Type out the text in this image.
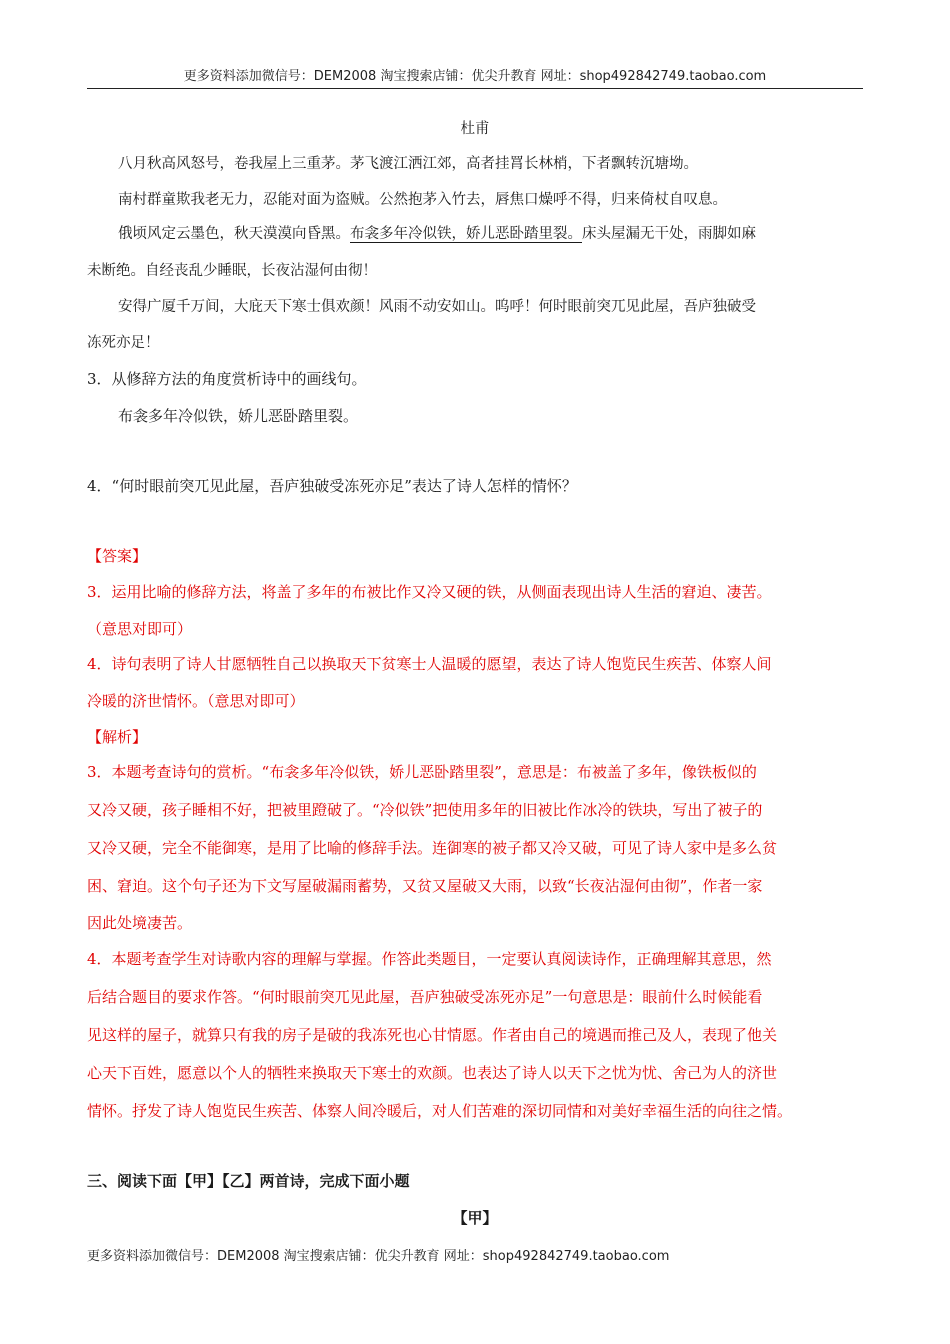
更多资料添加微信号：DEM2008 淘宝搜索店铺：优尖升教育 网址：shop492842749.taobao.com
杜甫
八月秋高风怒号，卷我屋上三重茅。茅飞渡江洒江郊，高者挂罥长林梢，下者飘转沉塘坳。
南村群童欺我老无力，忍能对面为盗贼。公然抱茅入竹去，唇焦口燥呼不得，归来倚杖自叹息。
俄顷风定云墨色，秋天漠漠向昏黑。布衾多年冷似铁，娇儿恶卧踏里裂。床头屋漏无干处，雨脚如麻
未断绝。自经丧乱少睡眠，长夜沾湿何由彻！
安得广厦千万间，大庇天下寒士俱欢颜！风雨不动安如山。呜呼！何时眼前突兀见此屋，吾庐独破受
冻死亦足！
3．从修辞方法的角度赏析诗中的画线句。
布衾多年冷似铁，娇儿恶卧踏里裂。
4．“何时眼前突兀见此屋，吾庐独破受冻死亦足”表达了诗人怎样的情怀？
【答案】
3．运用比喻的修辞方法，将盖了多年的布被比作又冷又硬的铁，从侧面表现出诗人生活的窘迫、凄苦。
（意思对即可）
4．诗句表明了诗人甘愿牺牲自己以换取天下贫寒士人温暖的愿望，表达了诗人饱览民生疾苦、体察人间
冷暖的济世情怀。（意思对即可）
【解析】
3．本题考查诗句的赏析。“布衾多年冷似铁，娇儿恶卧踏里裂”，意思是：布被盖了多年，像铁板似的
又冷又硬，孩子睡相不好，把被里蹬破了。“冷似铁”把使用多年的旧被比作冰冷的铁块，写出了被子的
又冷又硬，完全不能御寒，是用了比喻的修辞手法。连御寒的被子都又冷又破，可见了诗人家中是多么贫
困、窘迫。这个句子还为下文写屋破漏雨蓄势，又贫又屋破又大雨，以致“长夜沾湿何由彻”，作者一家
因此处境凄苦。
4．本题考查学生对诗歌内容的理解与掌握。作答此类题目，一定要认真阅读诗作，正确理解其意思，然
后结合题目的要求作答。“何时眼前突兀见此屋，吾庐独破受冻死亦足”一句意思是：眼前什么时候能看
见这样的屋子，就算只有我的房子是破的我冻死也心甘情愿。作者由自己的境遇而推己及人，表现了他关
心天下百姓，愿意以个人的牺牲来换取天下寒士的欢颜。也表达了诗人以天下之忧为忧、舍己为人的济世
情怀。抒发了诗人饱览民生疾苦、体察人间冷暖后，对人们苦难的深切同情和对美好幸福生活的向往之情。
三、阅读下面【甲】【乙】两首诗，完成下面小题
【甲】
更多资料添加微信号：DEM2008 淘宝搜索店铺：优尖升教育 网址：shop492842749.taobao.com
